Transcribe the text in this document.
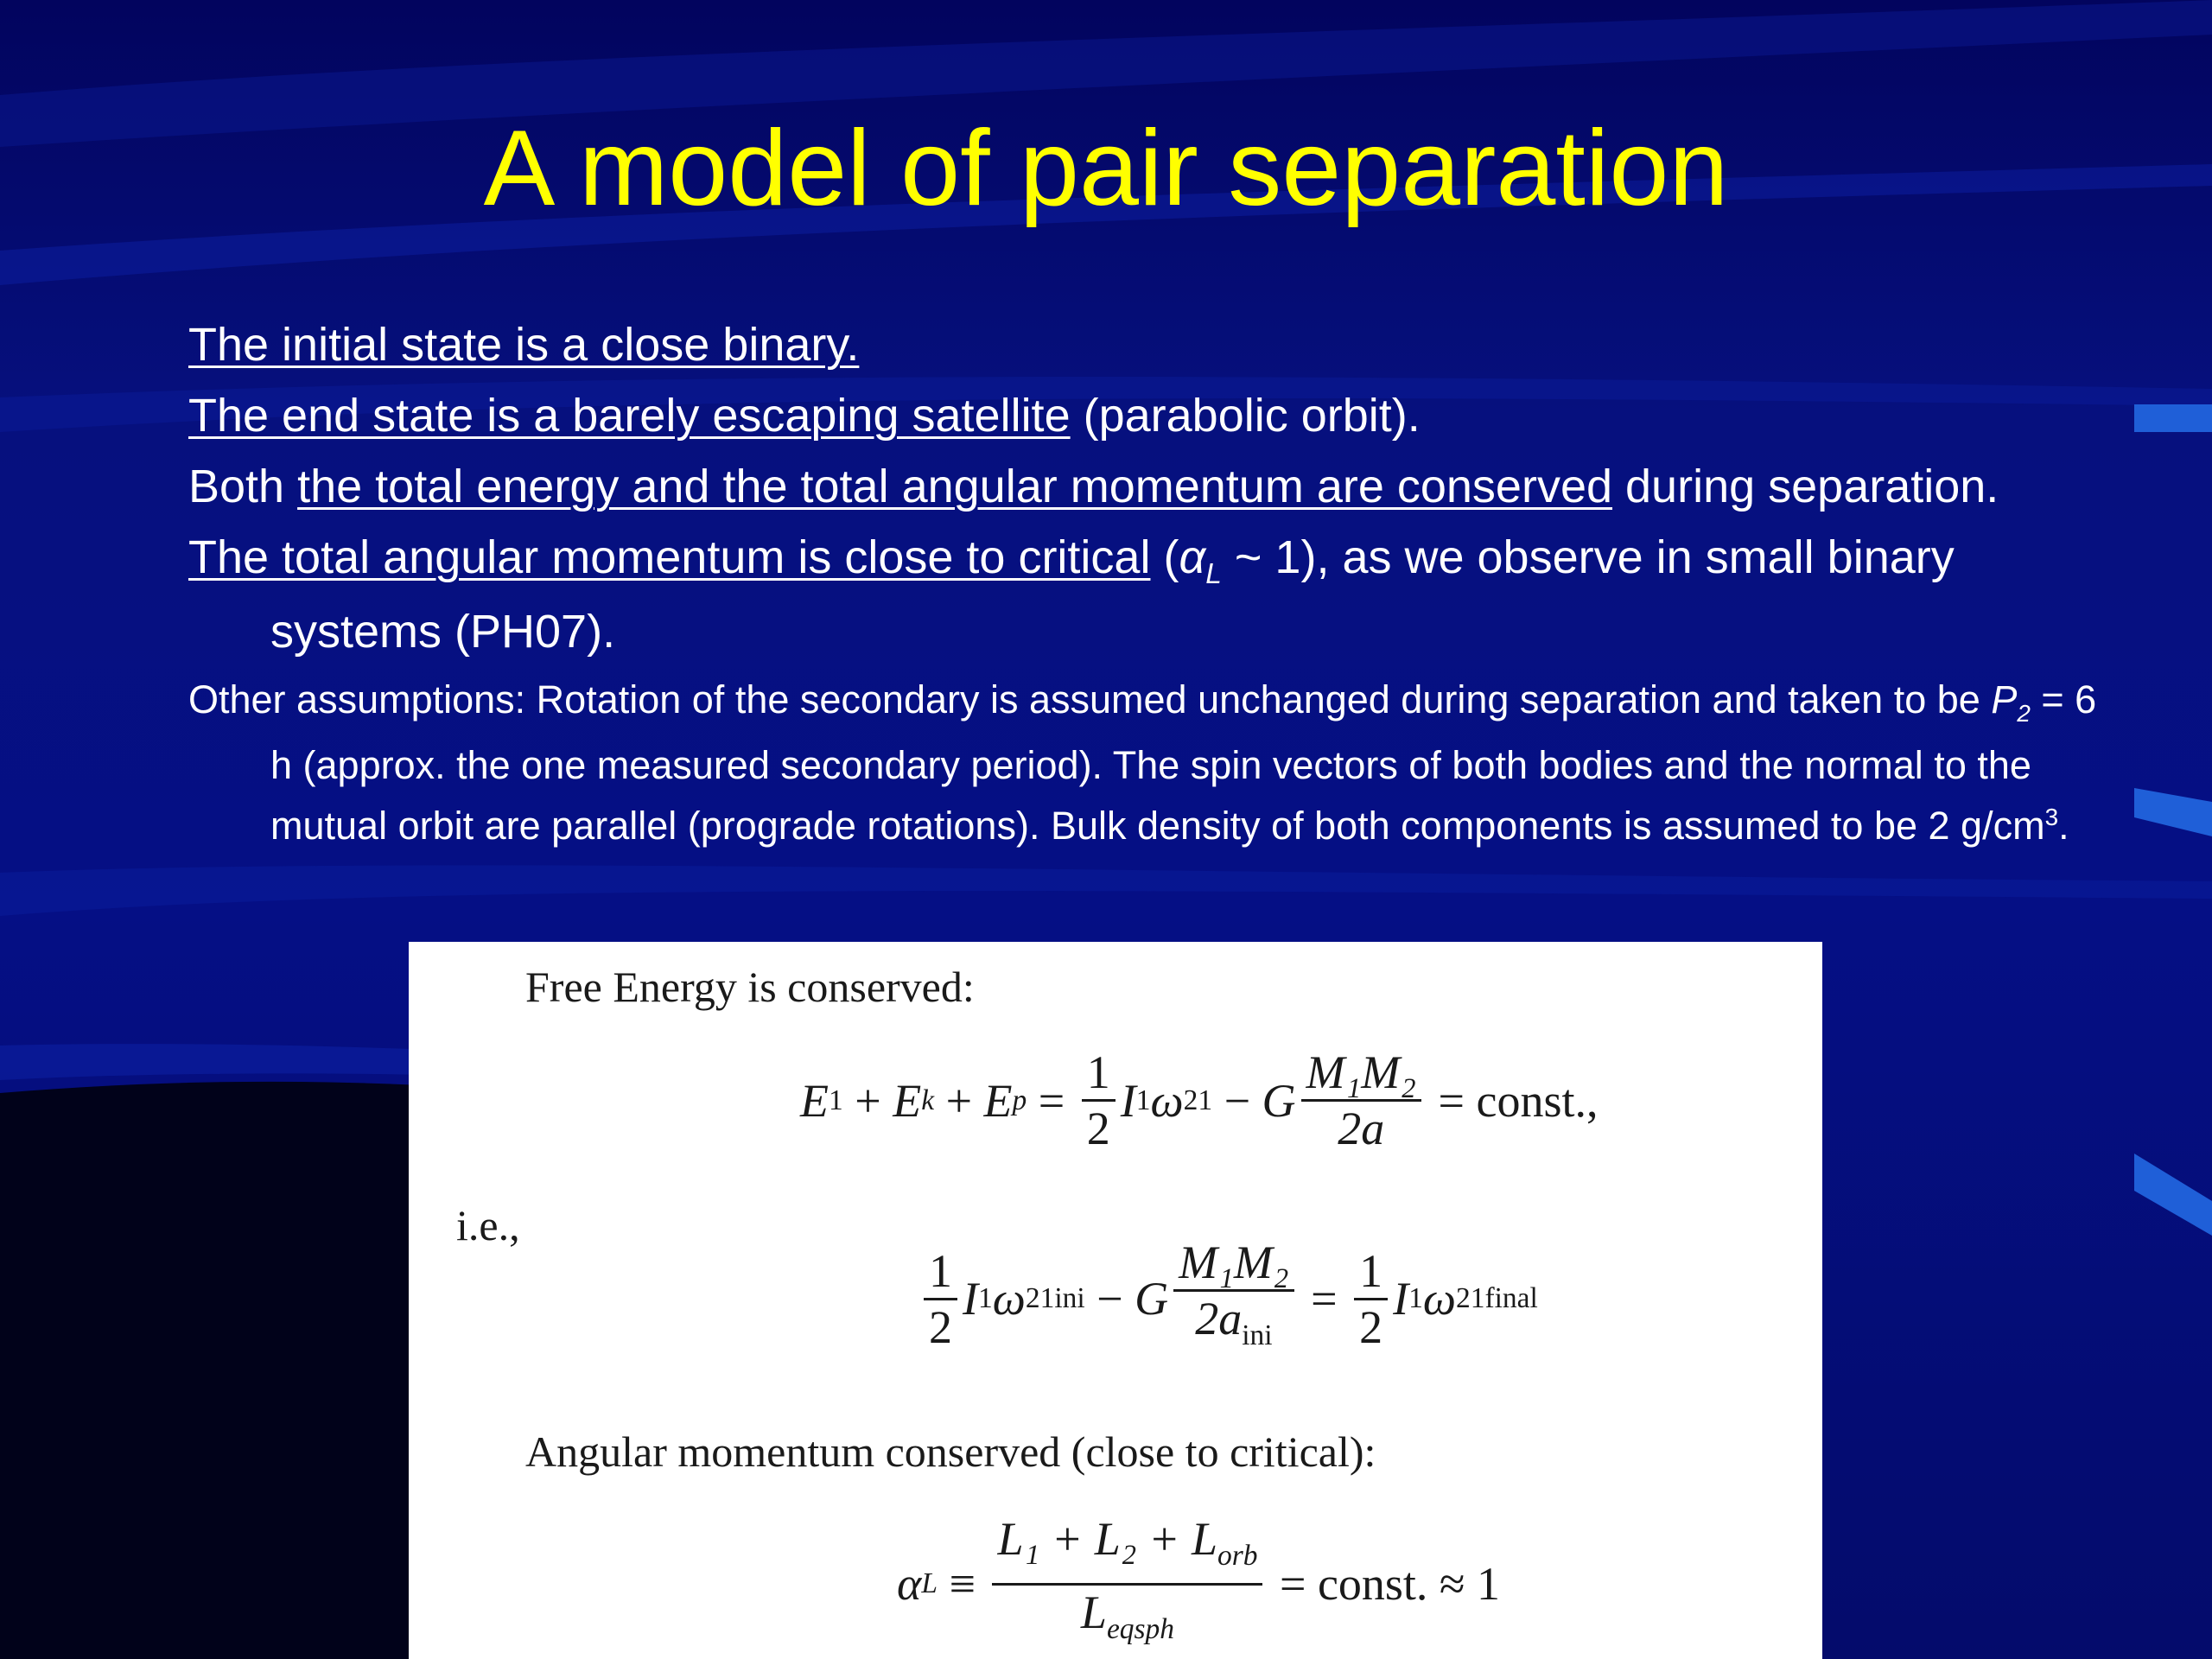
A model of pair separation
The initial state is a close binary.
The end state is a barely escaping satellite (parabolic orbit).
Both the total energy and the total angular momentum are conserved during separation.
The total angular momentum is close to critical ($\alpha_L$ ~ 1), as we observe in small binary systems (PH07).
Other assumptions: Rotation of the secondary is assumed unchanged during separation and taken to be $P_2 = 6$ h (approx. the one measured secondary period). The spin vectors of both bodies and the normal to the mutual orbit are parallel (prograde rotations). Bulk density of both components is assumed to be 2 $g/cm^3$.
Free Energy is conserved:
E 1 + E k + E $p = \frac{1}{2}$ I 1 ω 2 1 − G $\frac{\text{M₁M₂}}{2a}$ = const.,
i.e.,
$\frac{1}{2}$ I 1 ω 2 1ini − G $\frac{\text{M₁M₂}}{2a_{ini}} = \frac{1}{2}$ I 1 ω 2 1final
Angular momentum conserved (close to critical):
α $L \equiv \frac{L_1 + L_2 + L_{orb}}{L_{eqsph}}$ = const. ≈ 1
